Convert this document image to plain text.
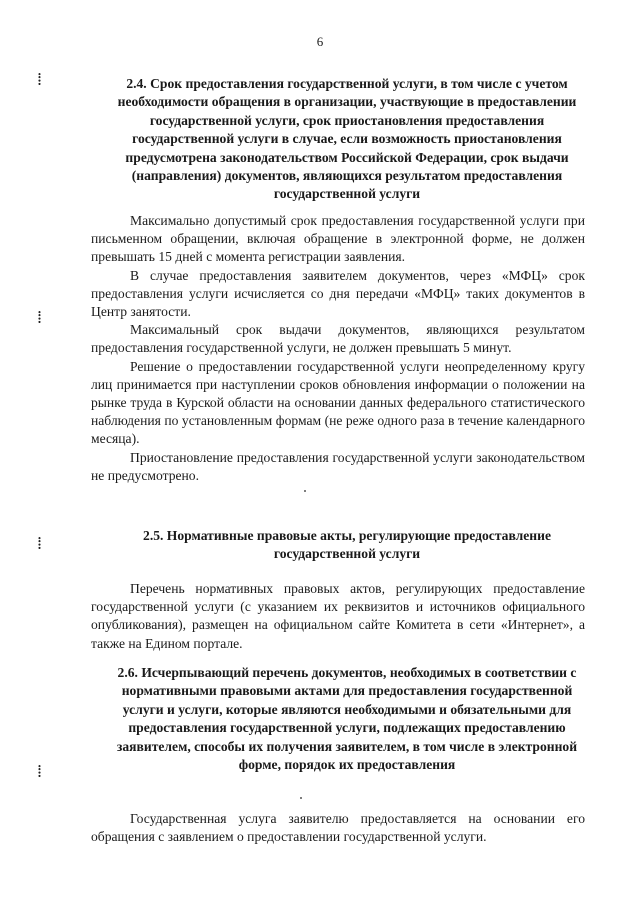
6
⁞
⁞
⁞
⁞
2.4. Срок предоставления государственной услуги, в том числе с учетом необходимости обращения в организации, участвующие в предоставлении государственной услуги, срок приостановления предоставления государственной услуги в случае, если возможность приостановления предусмотрена законодательством Российской Федерации, срок выдачи (направления) документов, являющихся результатом предоставления государственной услуги

Максимально допустимый срок предоставления государственной услуги при письменном обращении, включая обращение в электронной форме, не должен превышать 15 дней с момента регистрации заявления.

В случае предоставления заявителем документов, через «МФЦ» срок предоставления услуги исчисляется со дня передачи «МФЦ» таких документов в Центр занятости.

Максимальный срок выдачи документов, являющихся результатом предоставления государственной услуги, не должен превышать 5 минут.

Решение о предоставлении государственной услуги неопределенному кругу лиц принимается при наступлении сроков обновления информации о положении на рынке труда в Курской области на основании данных федерального статистического наблюдения по установленным формам (не реже одного раза в течение календарного месяца).

Приостановление предоставления государственной услуги законодательством не предусмотрено.

2.5. Нормативные правовые акты, регулирующие предоставление государственной услуги

Перечень нормативных правовых актов, регулирующих предоставление государственной услуги (с указанием их реквизитов и источников официального опубликования), размещен на официальном сайте Комитета в сети «Интернет», а также на Едином портале.

2.6. Исчерпывающий перечень документов, необходимых в соответствии с нормативными правовыми актами для предоставления государственной услуги и услуги, которые являются необходимыми и обязательными для предоставления государственной услуги, подлежащих предоставлению заявителем, способы их получения заявителем, в том числе в электронной форме, порядок их предоставления

Государственная услуга заявителю предоставляется на основании его обращения с заявлением о предоставлении государственной услуги.
